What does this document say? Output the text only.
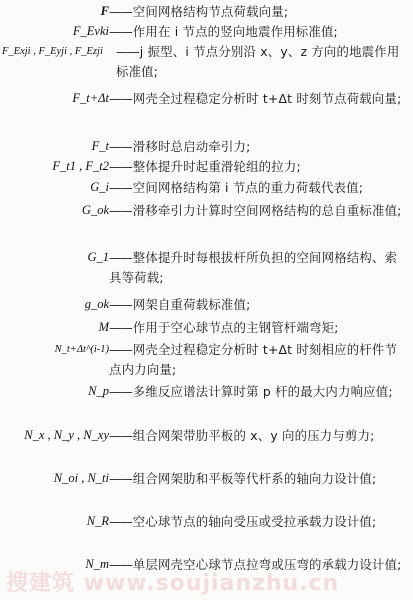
F	—— 空间网格结构节点荷载向量;
F_Evki	—— 作用在 i 节点的竖向地震作用标准值;
F_Exji , F_Eyji , F_Ezji	—— j 振型、i 节点分别沿 x、y、z 方向的地震作用标准值;
F_t+Δt	—— 网壳全过程稳定分析时 t+Δt 时刻节点荷载向量;
F_t	—— 滑移时总启动牵引力;
F_t1 , F_t2	—— 整体提升时起重滑轮组的拉力;
G_i	—— 空间网格结构第 i 节点的重力荷载代表值;
G_ok	—— 滑移牵引力计算时空间网格结构的总自重标准值;
G_1	—— 整体提升时每根拔杆所负担的空间网格结构、索具等荷载;
g_ok	—— 网架自重荷载标准值;
M	—— 作用于空心球节点的主钢管杆端弯矩;
N_t+Δt^(i-1)	—— 网壳全过程稳定分析时 t+Δt 时刻相应的杆件节点内力向量;
N_p	—— 多维反应谱法计算时第 p 杆的最大内力响应值;
N_x , N_y , N_xy	—— 组合网架带肋平板的 x、y 向的压力与剪力;
N_oi , N_ti	—— 组合网架肋和平板等代杆系的轴向力设计值;
N_R	—— 空心球节点的轴向受压或受拉承载力设计值;
N_m	—— 单层网壳空心球节点拉弯或压弯的承载力设计值;
搜建筑 www.soujianzhu.cn
